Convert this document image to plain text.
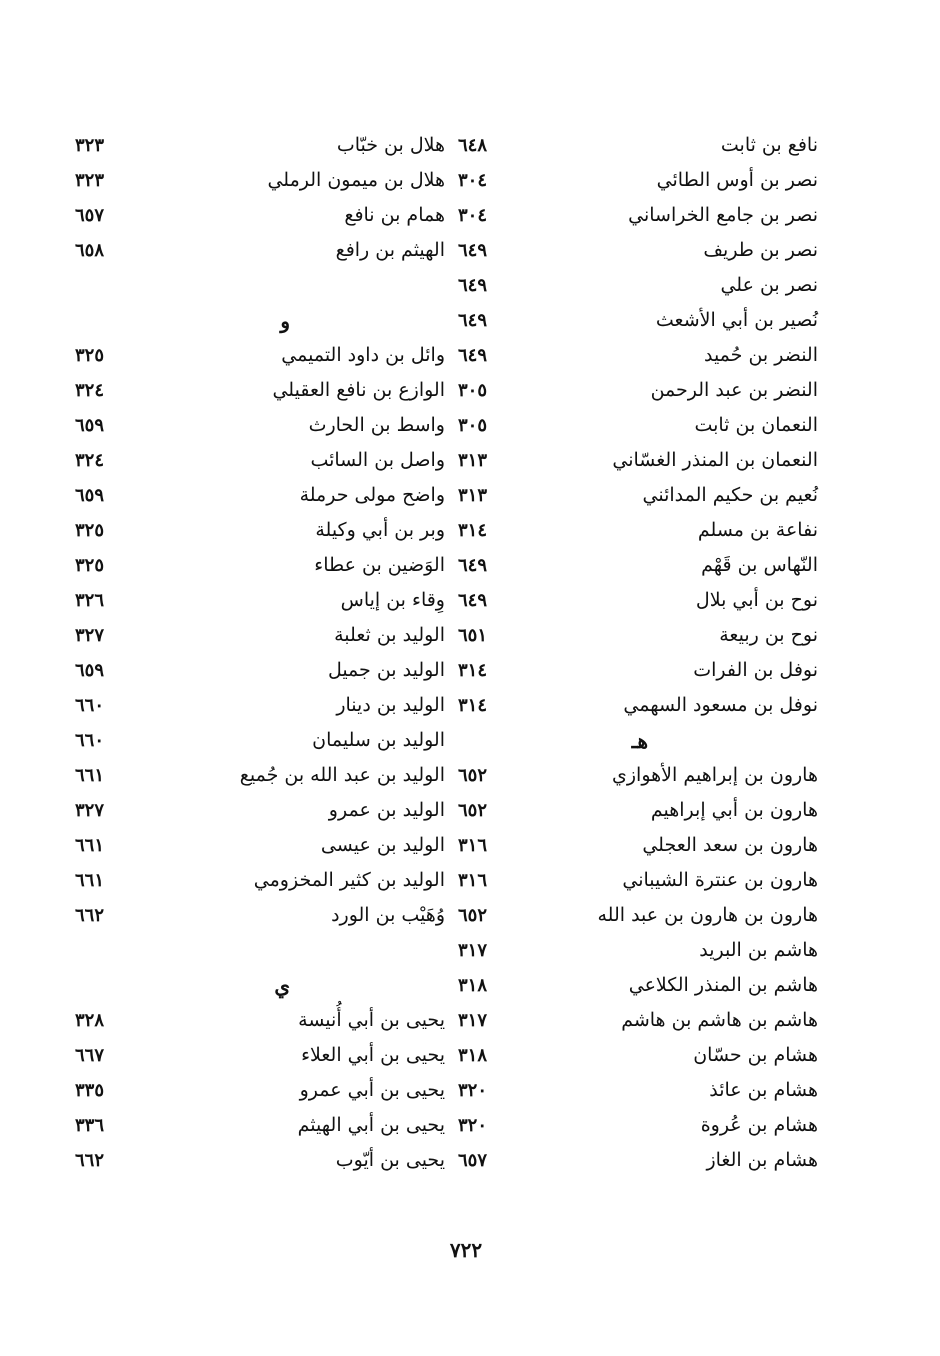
نافع بن ثابت
٦٤٨
نصر بن أوس الطائي
٣٠٤
نصر بن جامع الخراساني
٣٠٤
نصر بن طريف
٦٤٩
نصر بن علي
٦٤٩
نُصير بن أبي الأشعث
٦٤٩
النضر بن حُميد
٦٤٩
النضر بن عبد الرحمن
٣٠٥
النعمان بن ثابت
٣٠٥
النعمان بن المنذر الغسّاني
٣١٣
نُعيم بن حكيم المدائني
٣١٣
نفاعة بن مسلم
٣١٤
النّهاس بن قَهْم
٦٤٩
نوح بن أبي بلال
٦٤٩
نوح بن ربيعة
٦٥١
نوفل بن الفرات
٣١٤
نوفل بن مسعود السهمي
٣١٤
هـ
هارون بن إبراهيم الأهوازي
٦٥٢
هارون بن أبي إبراهيم
٦٥٢
هارون بن سعد العجلي
٣١٦
هارون بن عنترة الشيباني
٣١٦
هارون بن هارون بن عبد الله
٦٥٢
هاشم بن البريد
٣١٧
هاشم بن المنذر الكلاعي
٣١٨
هاشم بن هاشم بن هاشم
٣١٧
هشام بن حسّان
٣١٨
هشام بن عائذ
٣٢٠
هشام بن عُروة
٣٢٠
هشام بن الغاز
٦٥٧
هلال بن خبّاب
٣٢٣
هلال بن ميمون الرملي
٣٢٣
همام بن نافع
٦٥٧
الهيثم بن رافع
٦٥٨
و
وائل بن داود التميمي
٣٢٥
الوازع بن نافع العقيلي
٣٢٤
واسط بن الحارث
٦٥٩
واصل بن السائب
٣٢٤
واضح مولى حرملة
٦٥٩
وبر بن أبي وكيلة
٣٢٥
الوَضين بن عطاء
٣٢٥
وِقاء بن إياس
٣٢٦
الوليد بن ثعلبة
٣٢٧
الوليد بن جميل
٦٥٩
الوليد بن دينار
٦٦٠
الوليد بن سليمان
٦٦٠
الوليد بن عبد الله بن جُميع
٦٦١
الوليد بن عمرو
٣٢٧
الوليد بن عيسى
٦٦١
الوليد بن كثير المخزومي
٦٦١
وُهَيْب بن الورد
٦٦٢
ي
يحيى بن أبي أُنيسة
٣٢٨
يحيى بن أبي العلاء
٦٦٧
يحيى بن أبي عمرو
٣٣٥
يحيى بن أبي الهيثم
٣٣٦
يحيى بن أيّوب
٦٦٢
٧٢٢
